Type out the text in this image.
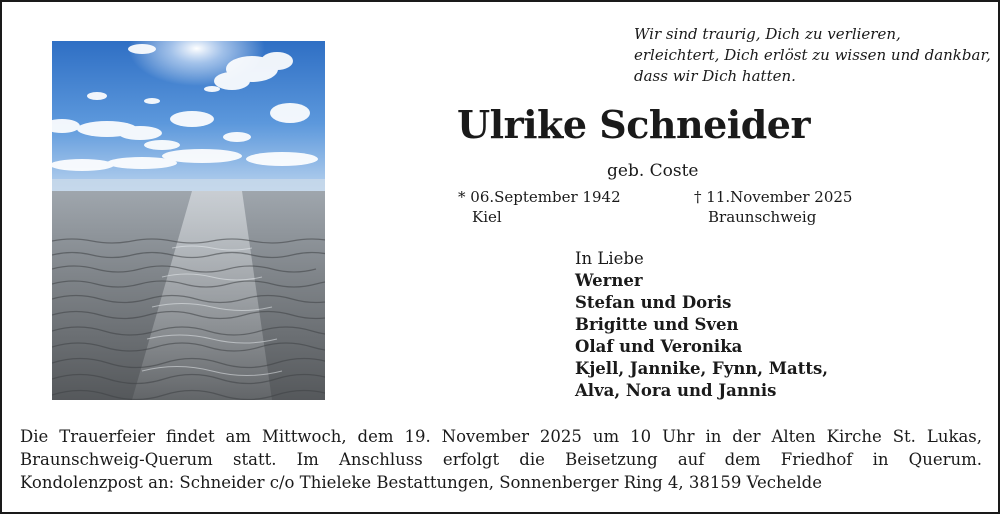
Wir sind traurig, Dich zu verlieren,
erleichtert, Dich erlöst zu wissen und dankbar,
dass wir Dich hatten.
Ulrike Schneider
geb. Coste
* 06.September 1942
Kiel
† 11.November 2025
Braunschweig
In Liebe
Werner
Stefan und Doris
Brigitte und Sven
Olaf und Veronika
Kjell, Jannike, Fynn, Matts,
Alva, Nora und Jannis
Die Trauerfeier findet am Mittwoch, dem 19. November 2025 um 10 Uhr in der Alten Kirche St. Lukas,
Braunschweig-Querum statt. Im Anschluss erfolgt die Beisetzung auf dem Friedhof in Querum.
Kondolenzpost an: Schneider c/o Thieleke Bestattungen, Sonnenberger Ring 4, 38159 Vechelde
